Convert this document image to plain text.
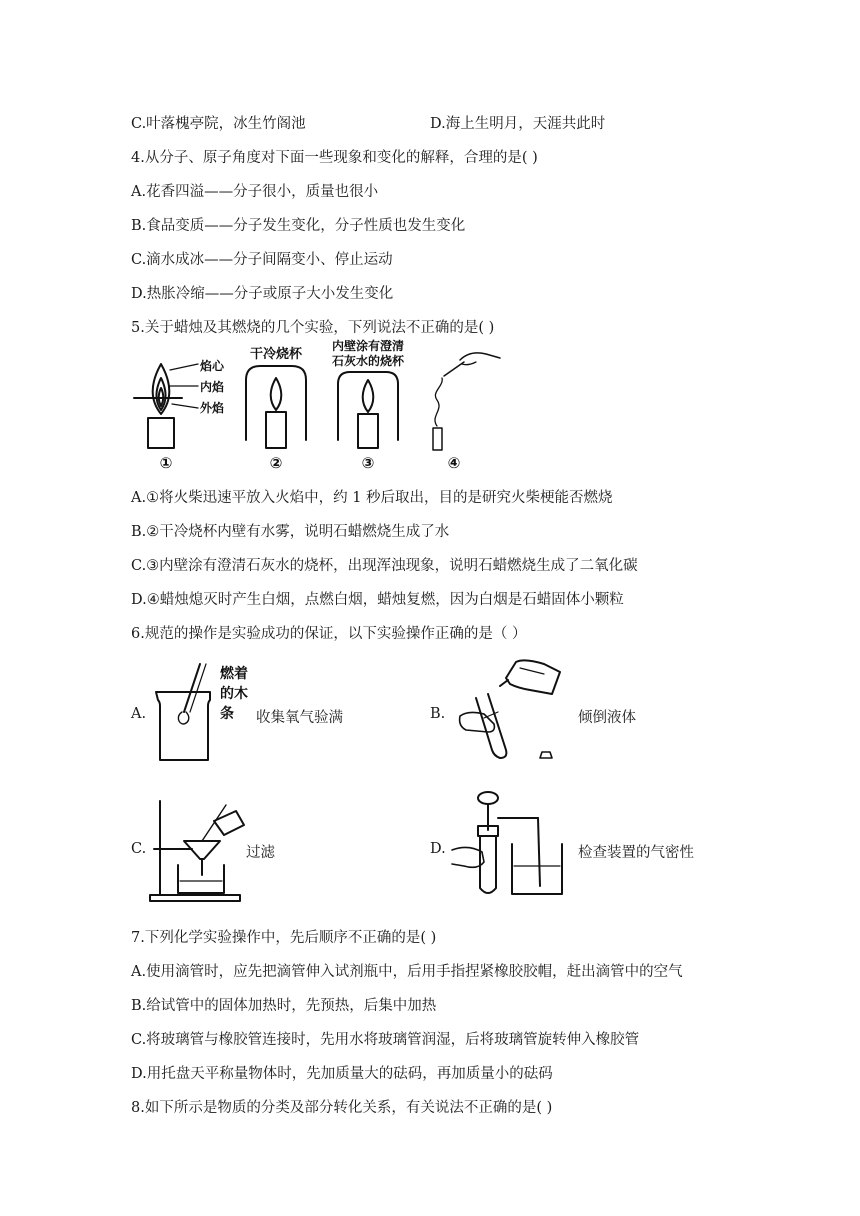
C.叶落槐亭院，冰生竹阁池	D.海上生明月，天涯共此时
4.从分子、原子角度对下面一些现象和变化的解释，合理的是( )
A.花香四溢——分子很小，质量也很小
B.食品变质——分子发生变化，分子性质也发生变化
C.滴水成冰——分子间隔变小、停止运动
D.热胀冷缩——分子或原子大小发生变化
5.关于蜡烛及其燃烧的几个实验，下列说法不正确的是( )
焰心
内焰
外焰
①
干冷烧杯
②
内壁涂有澄清
石灰水的烧杯
③	④
A.①将火柴迅速平放入火焰中，约 1 秒后取出，目的是研究火柴梗能否燃烧
B.②干冷烧杯内壁有水雾，说明石蜡燃烧生成了水
C.③内壁涂有澄清石灰水的烧杯，出现浑浊现象，说明石蜡燃烧生成了二氧化碳
D.④蜡烛熄灭时产生白烟，点燃白烟，蜡烛复燃，因为白烟是石蜡固体小颗粒
6.规范的操作是实验成功的保证，以下实验操作正确的是（ ）
A.
燃着
的木
条 收集氧气验满	B.	倾倒液体
C.	过滤	D.	检查装置的气密性
7.下列化学实验操作中，先后顺序不正确的是( )
A.使用滴管时，应先把滴管伸入试剂瓶中，后用手指捏紧橡胶胶帽，赶出滴管中的空气
B.给试管中的固体加热时，先预热，后集中加热
C.将玻璃管与橡胶管连接时，先用水将玻璃管润湿，后将玻璃管旋转伸入橡胶管
D.用托盘天平称量物体时，先加质量大的砝码，再加质量小的砝码
8.如下所示是物质的分类及部分转化关系，有关说法不正确的是( )
